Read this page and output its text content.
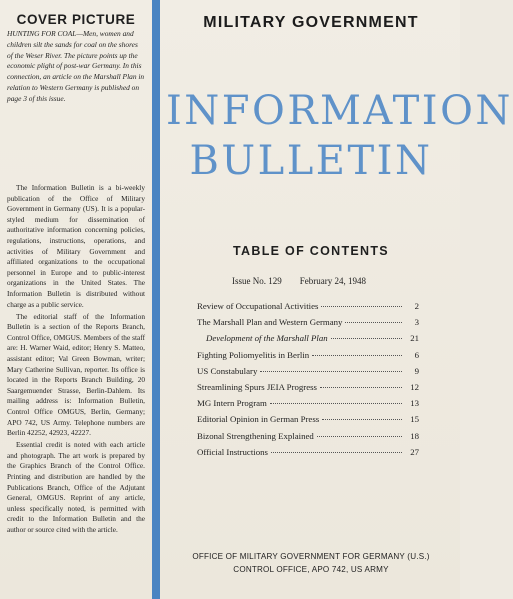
COVER PICTURE

HUNTING FOR COAL—Men, women and children silt the sands for coal on the shores of the Weser River. The picture points up the economic plight of post-war Germany. In this connection, an article on the Marshall Plan in relation to Western Germany is published on page 3 of this issue.

The Information Bulletin is a bi-weekly publication of the Office of Military Government in Germany (US). It is a popular-styled medium for dissemination of authoritative information concerning policies, regulations, instructions, operations, and activities of Military Government and affiliated organizations to the occupational personnel in Europe and to public-interest organizations in the United States. The Information Bulletin is distributed without charge as a public service.

The editorial staff of the Information Bulletin is a section of the Reports Branch, Control Office, OMGUS. Members of the staff are: H. Warner Waid, editor; Henry S. Matteo, assistant editor; Val Green Bowman, writer; Mary Catherine Sullivan, reporter. Its office is located in the Reports Branch Building, 20 Saargemuender Strasse, Berlin-Dahlem. Its mailing address is: Information Bulletin, Control Office OMGUS, Berlin, Germany; APO 742, US Army. Telephone numbers are Berlin 42252, 42923, 42227.

Essential credit is noted with each article and photograph. The art work is prepared by the Graphics Branch of the Control Office. Printing and distribution are handled by the Publications Branch, Office of the Adjutant General, OMGUS. Reprint of any article, unless specifically noted, is permitted with credit to the Information Bulletin and the author or source cited with the article.

MILITARY GOVERNMENT
INFORMATION
BULLETIN
TABLE OF CONTENTS
Issue No. 129 February 24, 1948
Review of Occupational Activities	2
The Marshall Plan and Western Germany	3
Development of the Marshall Plan	21
Fighting Poliomyelitis in Berlin	6
US Constabulary	9
Streamlining Spurs JEIA Progress	12
MG Intern Program	13
Editorial Opinion in German Press	15
Bizonal Strengthening Explained	18
Official Instructions	27
OFFICE OF MILITARY GOVERNMENT FOR GERMANY (U.S.)
CONTROL OFFICE, APO 742, US ARMY
